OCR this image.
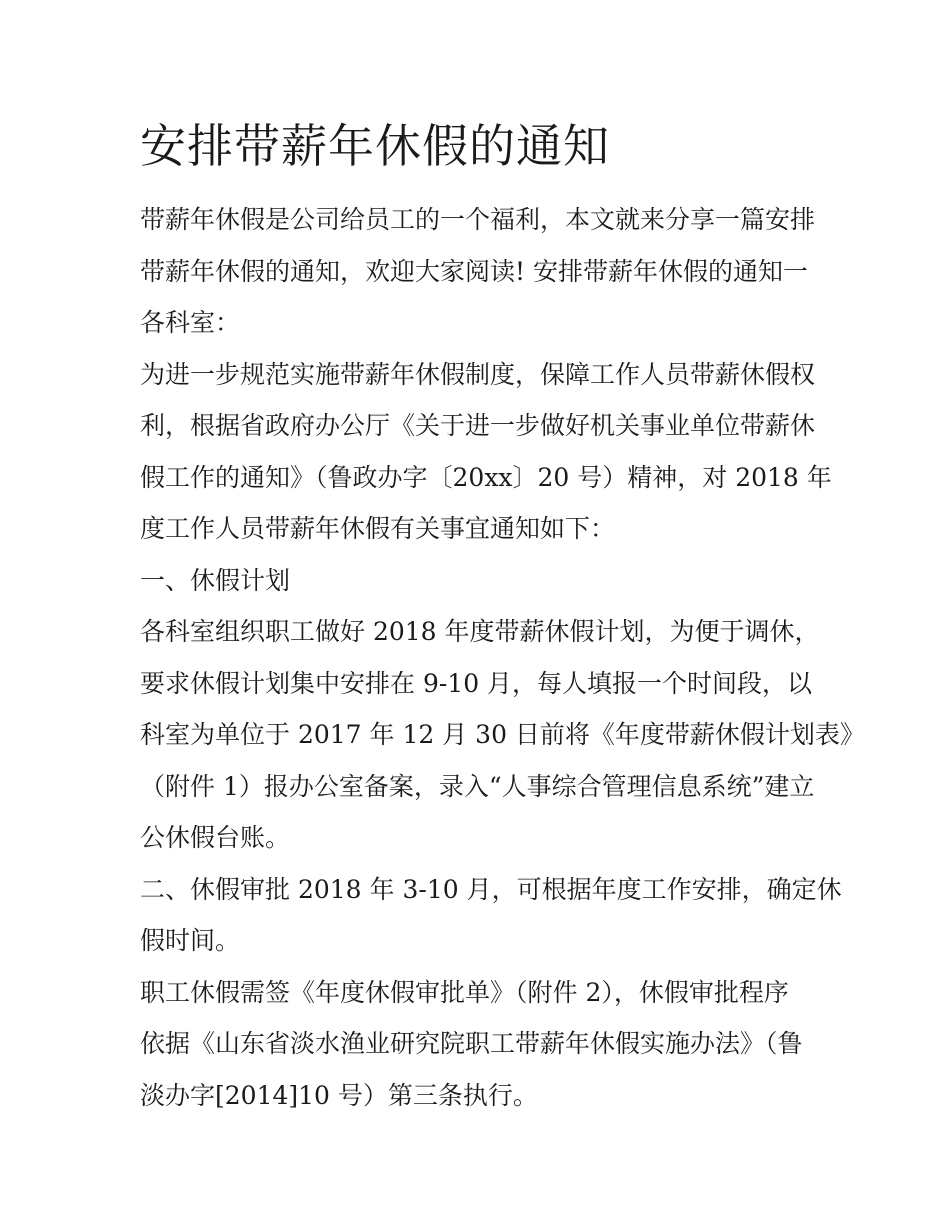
安排带薪年休假的通知

带薪年休假是公司给员工的一个福利，本文就来分享一篇安排
带薪年休假的通知，欢迎大家阅读! 安排带薪年休假的通知一

各科室：

为进一步规范实施带薪年休假制度，保障工作人员带薪休假权
利，根据省政府办公厅《关于进一步做好机关事业单位带薪休
假工作的通知》（鲁政办字〔20xx〕20 号）精神，对 2018 年
度工作人员带薪年休假有关事宜通知如下：

一、休假计划

各科室组织职工做好 2018 年度带薪休假计划，为便于调休，
要求休假计划集中安排在 9-10 月，每人填报一个时间段，以
科室为单位于 2017 年 12 月 30 日前将《年度带薪休假计划表》
（附件 1）报办公室备案，录入“人事综合管理信息系统”建立
公休假台账。

二、休假审批 2018 年 3-10 月，可根据年度工作安排，确定休
假时间。

职工休假需签《年度休假审批单》（附件 2），休假审批程序
依据《山东省淡水渔业研究院职工带薪年休假实施办法》（鲁
淡办字[2014]10 号）第三条执行。
